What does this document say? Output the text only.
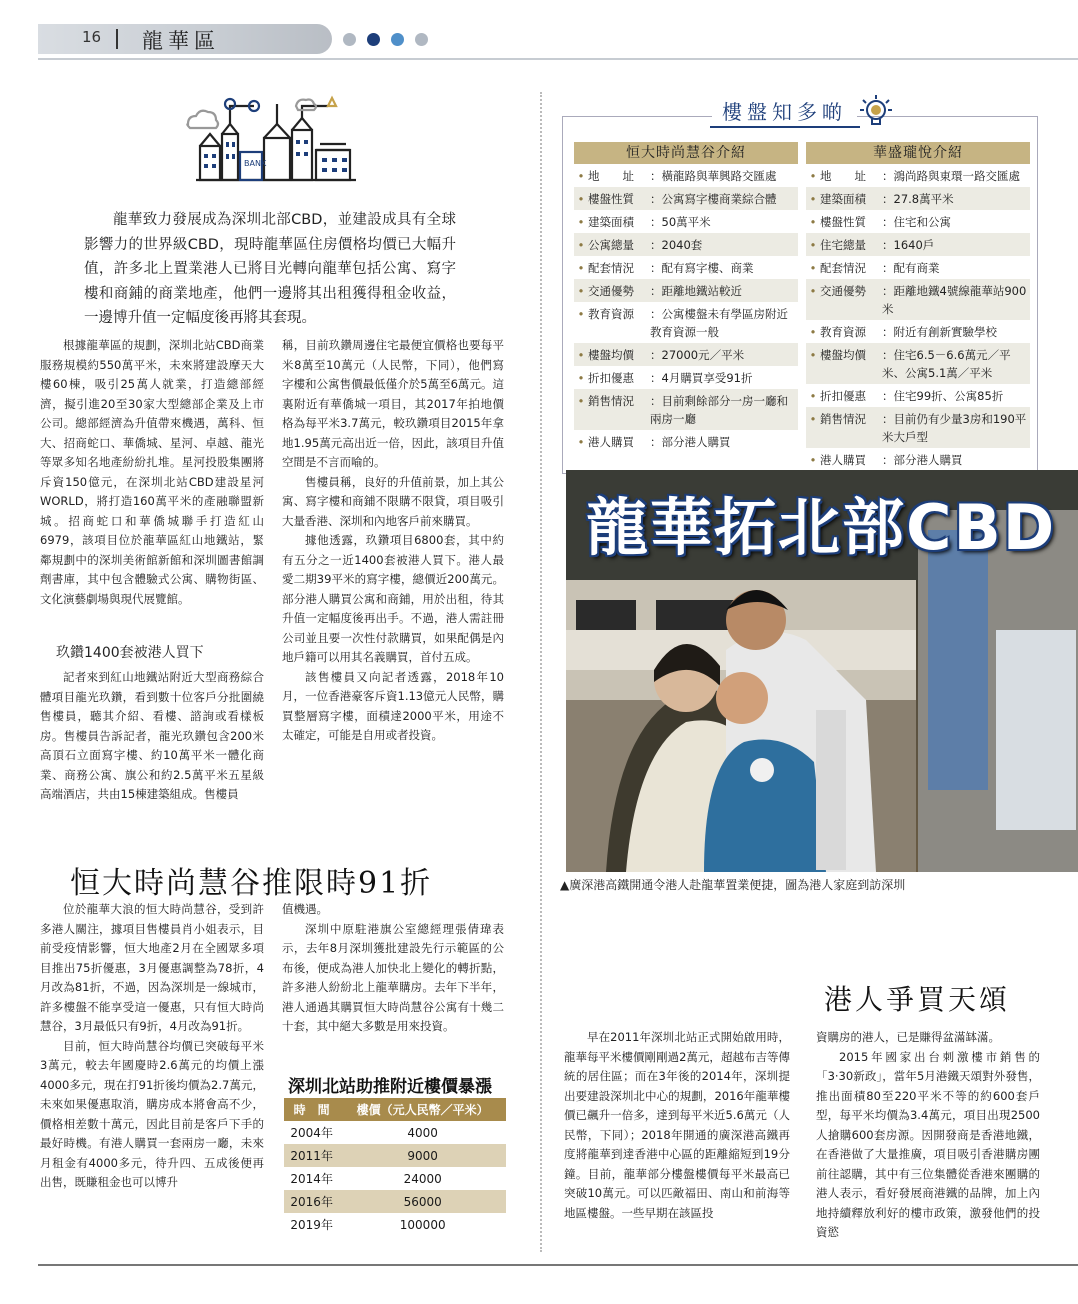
16 龍華區
BANK
龍華致力發展成為深圳北部CBD，並建設成具有全球影響力的世界級CBD，現時龍華區住房價格均價已大幅升值，許多北上置業港人已將目光轉向龍華包括公寓、寫字樓和商鋪的商業地產，他們一邊將其出租獲得租金收益，一邊博升值一定幅度後再將其套現。

根據龍華區的規劃，深圳北站CBD商業服務規模約550萬平米，未來將建設摩天大樓60棟，吸引25萬人就業，打造總部經濟，擬引進20至30家大型總部企業及上市公司。總部經濟為升值帶來機遇，萬科、恒大、招商蛇口、華僑城、星河、卓越、龍光等眾多知名地產紛紛扎堆。星河投股集團將斥資150億元，在深圳北站CBD建設星河WORLD，將打造160萬平米的產融聯盟新城。招商蛇口和華僑城聯手打造紅山6979，該項目位於龍華區紅山地鐵站，緊鄰規劃中的深圳美術館新館和深圳圖書館調劑書庫，其中包含體驗式公寓、購物街區、文化演藝劇場與現代展覽館。

玖鑽1400套被港人買下

記者來到紅山地鐵站附近大型商務綜合體項目龍光玖鑽，看到數十位客戶分批圍繞售樓員，聽其介紹、看樓、諮詢或看樣板房。售樓員告訴記者，龍光玖鑽包含200米高頂石立面寫字樓、約10萬平米一體化商業、商務公寓、旗公和約2.5萬平米五星級高端酒店，共由15棟建築組成。售樓員

稱，目前玖鑽周邊住宅最便宜價格也要每平米8萬至10萬元（人民幣，下同），他們寫字樓和公寓售價最低僅介於5萬至6萬元。這裏附近有華僑城一項目，其2017年拍地價格為每平米3.7萬元，較玖鑽項目2015年拿地1.95萬元高出近一倍，因此，該項目升值空間是不言而喻的。

售樓員稱，良好的升值前景，加上其公寓、寫字樓和商鋪不限購不限貸，項目吸引大量香港、深圳和內地客戶前來購買。

據他透露，玖鑽項目6800套，其中約有五分之一近1400套被港人買下。港人最愛二期39平米的寫字樓，總價近200萬元。部分港人購買公寓和商鋪，用於出租，待其升值一定幅度後再出手。不過，港人需註冊公司並且要一次性付款購買，如果配偶是內地戶籍可以用其名義購買，首付五成。

該售樓員又向記者透露，2018年10月，一位香港豪客斥資1.13億元人民幣，購買整層寫字樓，面積達2000平米，用途不太確定，可能是自用或者投資。

恒大時尚慧谷推限時91折

位於龍華大浪的恒大時尚慧谷，受到許多港人關注，據項目售樓員肖小姐表示，目前受疫情影響，恒大地產2月在全國眾多項目推出75折優惠，3月優惠調整為78折，4月改為81折，不過，因為深圳是一線城市，許多樓盤不能享受這一優惠，只有恒大時尚慧谷，3月最低只有9折，4月改為91折。

目前，恒大時尚慧谷均價已突破每平米3萬元，較去年國慶時2.6萬元的均價上漲4000多元，現在打91折後均價為2.7萬元，未來如果優惠取消，購房成本將會高不少，價格相差數十萬元，因此目前是客戶下手的最好時機。有港人購買一套兩房一廳，未來月租金有4000多元，待升四、五成後便再出售，既賺租金也可以博升

值機遇。

深圳中原駐港旗公室總經理張倩瑋表示，去年8月深圳獲批建設先行示範區的公布後，便成為港人加快北上變化的轉折點，許多港人紛紛北上龍華購房。去年下半年，港人通過其購買恒大時尚慧谷公寓有十幾二十套，其中絕大多數是用來投資。

深圳北站助推附近樓價暴漲
時　間	樓價（元人民幣／平米）
2004年	4000
2011年	9000
2014年	24000
2016年	56000
2019年	100000
樓盤知多啲
恒大時尚慧谷介紹
• 地　　址	：橫龍路與華興路交匯處
• 樓盤性質	：公寓寫字樓商業綜合體
• 建築面積	：50萬平米
• 公寓總量	：2040套
• 配套情況	：配有寫字樓、商業
• 交通優勢	：距離地鐵站較近
• 教育資源	：公寓樓盤未有學區房附近教育資源一般
• 樓盤均價	：27000元／平米
• 折扣優惠	：4月購買享受91折
• 銷售情況	：目前剩餘部分一房一廳和兩房一廳
• 港人購買	：部分港人購買
華盛瓏悅介紹
• 地　　址	：鴻尚路與東環一路交匯處
• 建築面積	：27.8萬平米
• 樓盤性質	：住宅和公寓
• 住宅總量	：1640戶
• 配套情況	：配有商業
• 交通優勢	：距離地鐵4號線龍華站900米
• 教育資源	：附近有創新實驗學校
• 樓盤均價	：住宅6.5－6.6萬元／平米、公寓5.1萬／平米
• 折扣優惠	：住宅99折、公寓85折
• 銷售情況	：目前仍有少量3房和190平米大戶型
• 港人購買	：部分港人購買
龍華拓北部CBD
▲廣深港高鐵開通令港人赴龍華置業便捷，圖為港人家庭到訪深圳
港人爭買天頌

早在2011年深圳北站正式開始啟用時，龍華每平米樓價剛剛過2萬元，超越布吉等傳統的居住區；而在3年後的2014年，深圳提出要建設深圳北中心的規劃，2016年龍華樓價已飆升一倍多，達到每平米近5.6萬元（人民幣，下同）；2018年開通的廣深港高鐵再度將龍華到達香港中心區的距離縮短到19分鐘。目前，龍華部分樓盤樓價每平米最高已突破10萬元。可以匹敵福田、南山和前海等地區樓盤。一些早期在該區投

資購房的港人，已是賺得盆滿缽滿。

2015年國家出台刺激樓市銷售的「3·30新政」，當年5月港鐵天頌對外發售，推出面積80至220平米不等的約600套戶型，每平米均價為3.4萬元，項目出現2500人搶購600套房源。因開發商是香港地鐵，在香港做了大量推廣，項目吸引香港購房團前往認購，其中有三位集體從香港來團購的港人表示，看好發展商港鐵的品牌，加上內地持續釋放利好的樓市政策，激發他們的投資慾
